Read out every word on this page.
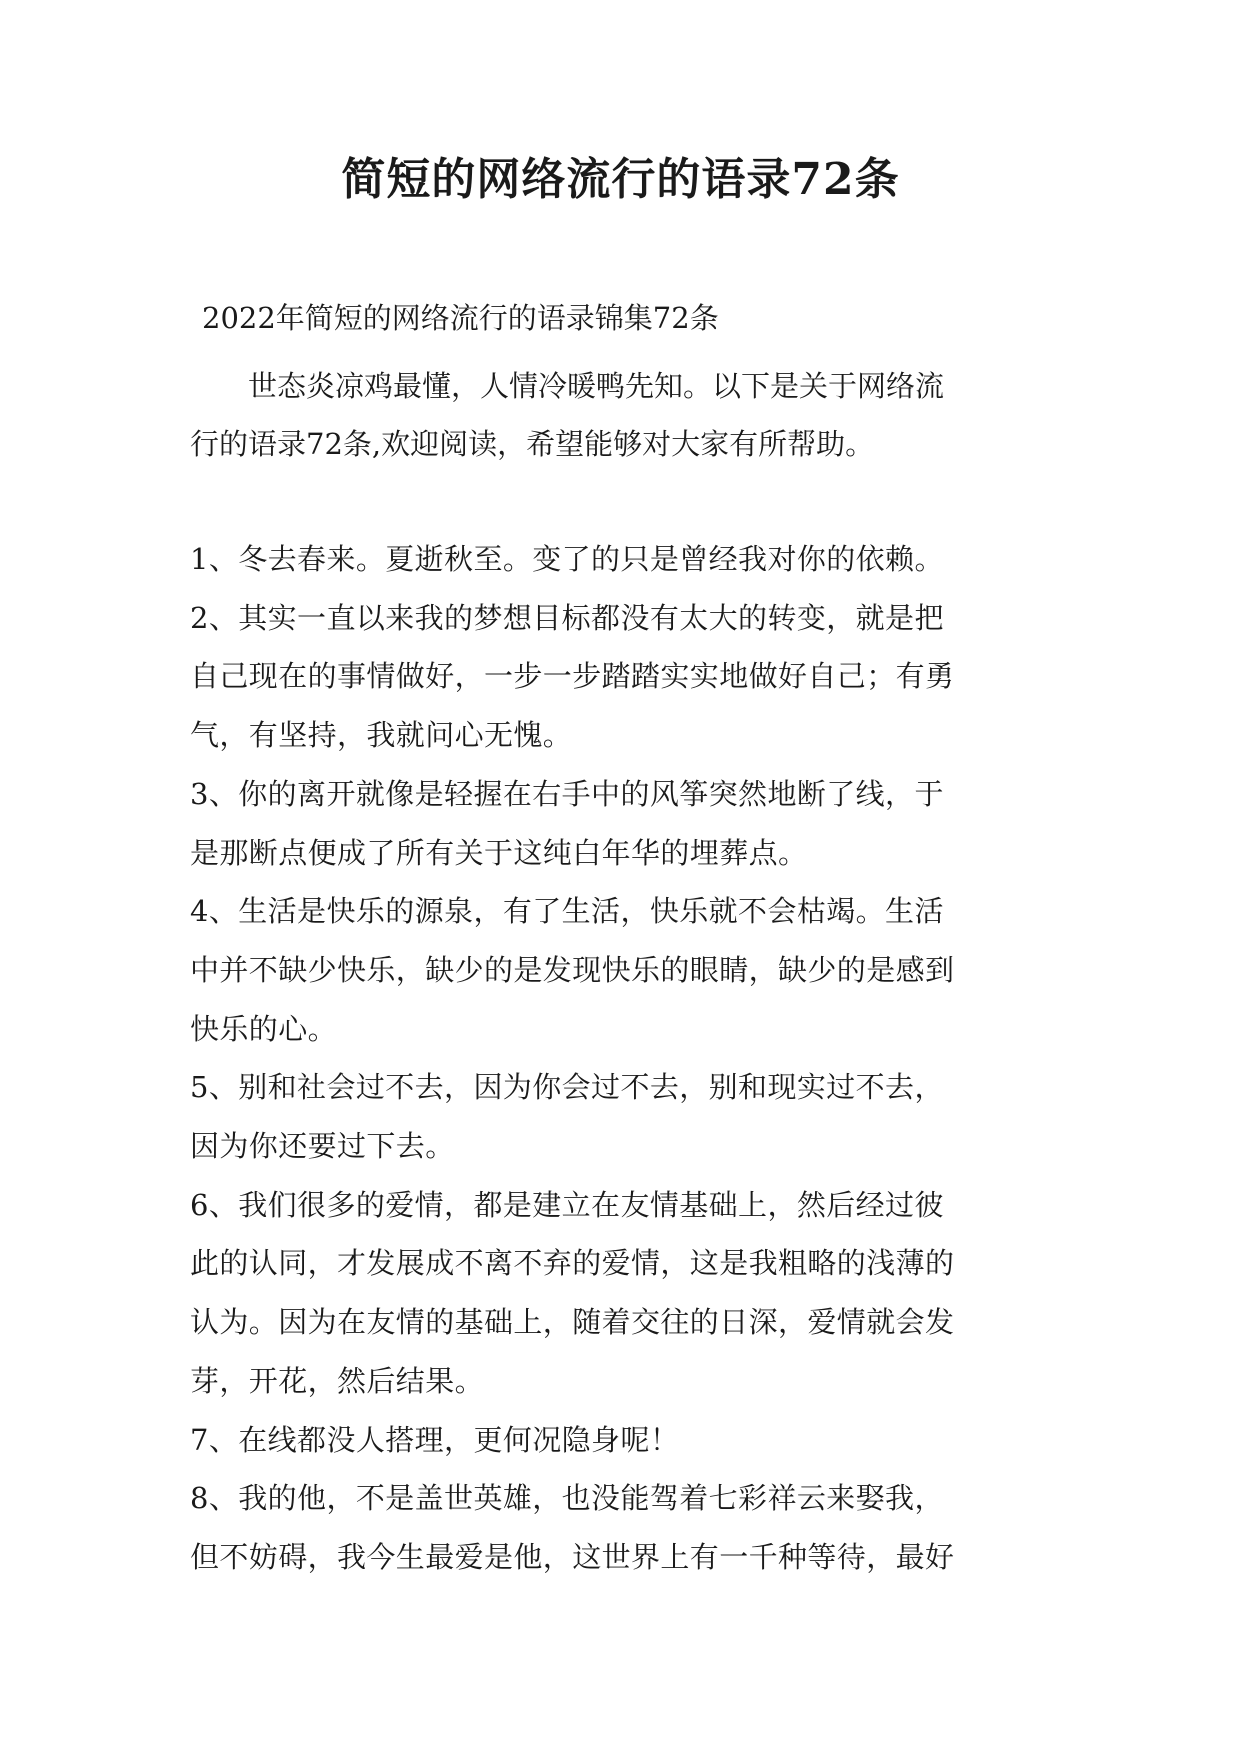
简短的网络流行的语录72条
2022年简短的网络流行的语录锦集72条
世态炎凉鸡最懂，人情冷暖鸭先知。以下是关于网络流
行的语录72条,欢迎阅读，希望能够对大家有所帮助。
1、冬去春来。夏逝秋至。变了的只是曾经我对你的依赖。
2、其实一直以来我的梦想目标都没有太大的转变，就是把
自己现在的事情做好，一步一步踏踏实实地做好自己；有勇
气，有坚持，我就问心无愧。
3、你的离开就像是轻握在右手中的风筝突然地断了线，于
是那断点便成了所有关于这纯白年华的埋葬点。
4、生活是快乐的源泉，有了生活，快乐就不会枯竭。生活
中并不缺少快乐，缺少的是发现快乐的眼睛，缺少的是感到
快乐的心。
5、别和社会过不去，因为你会过不去，别和现实过不去，
因为你还要过下去。
6、我们很多的爱情，都是建立在友情基础上，然后经过彼
此的认同，才发展成不离不弃的爱情，这是我粗略的浅薄的
认为。因为在友情的基础上，随着交往的日深，爱情就会发
芽，开花，然后结果。
7、在线都没人搭理，更何况隐身呢！
8、我的他，不是盖世英雄，也没能驾着七彩祥云来娶我，
但不妨碍，我今生最爱是他，这世界上有一千种等待，最好
